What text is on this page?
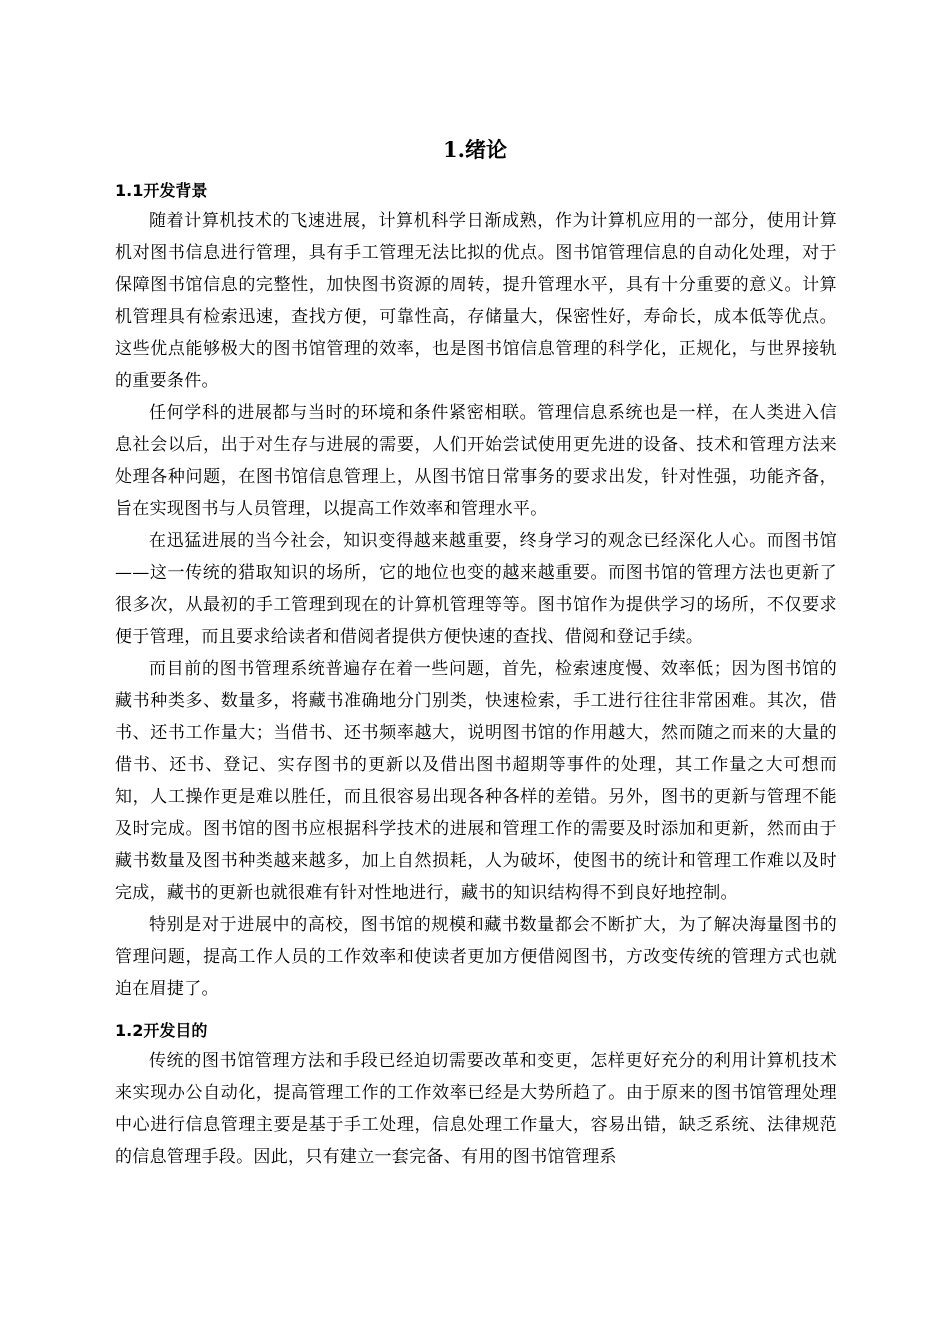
1.绪论
1.1开发背景

随着计算机技术的飞速进展，计算机科学日渐成熟，作为计算机应用的一部分，使用计算机对图书信息进行管理，具有手工管理无法比拟的优点。图书馆管理信息的自动化处理，对于保障图书馆信息的完整性，加快图书资源的周转，提升管理水平，具有十分重要的意义。计算机管理具有检索迅速，查找方便，可靠性高，存储量大，保密性好，寿命长，成本低等优点。这些优点能够极大的图书馆管理的效率，也是图书馆信息管理的科学化，正规化，与世界接轨的重要条件。

任何学科的进展都与当时的环境和条件紧密相联。管理信息系统也是一样，在人类进入信息社会以后，出于对生存与进展的需要，人们开始尝试使用更先进的设备、技术和管理方法来处理各种问题，在图书馆信息管理上，从图书馆日常事务的要求出发，针对性强，功能齐备，旨在实现图书与人员管理，以提高工作效率和管理水平。

在迅猛进展的当今社会，知识变得越来越重要，终身学习的观念已经深化人心。而图书馆——这一传统的猎取知识的场所，它的地位也变的越来越重要。而图书馆的管理方法也更新了很多次，从最初的手工管理到现在的计算机管理等等。图书馆作为提供学习的场所，不仅要求便于管理，而且要求给读者和借阅者提供方便快速的查找、借阅和登记手续。

而目前的图书管理系统普遍存在着一些问题，首先，检索速度慢、效率低；因为图书馆的藏书种类多、数量多，将藏书准确地分门别类，快速检索，手工进行往往非常困难。其次，借书、还书工作量大；当借书、还书频率越大，说明图书馆的作用越大，然而随之而来的大量的借书、还书、登记、实存图书的更新以及借出图书超期等事件的处理，其工作量之大可想而知，人工操作更是难以胜任，而且很容易出现各种各样的差错。另外，图书的更新与管理不能及时完成。图书馆的图书应根据科学技术的进展和管理工作的需要及时添加和更新，然而由于藏书数量及图书种类越来越多，加上自然损耗，人为破坏，使图书的统计和管理工作难以及时完成，藏书的更新也就很难有针对性地进行，藏书的知识结构得不到良好地控制。

特别是对于进展中的高校，图书馆的规模和藏书数量都会不断扩大，为了解决海量图书的管理问题，提高工作人员的工作效率和使读者更加方便借阅图书，方改变传统的管理方式也就迫在眉捷了。

1.2开发目的

传统的图书馆管理方法和手段已经迫切需要改革和变更，怎样更好充分的利用计算机技术来实现办公自动化，提高管理工作的工作效率已经是大势所趋了。由于原来的图书馆管理处理中心进行信息管理主要是基于手工处理，信息处理工作量大，容易出错，缺乏系统、法律规范的信息管理手段。因此，只有建立一套完备、有用的图书馆管理系
